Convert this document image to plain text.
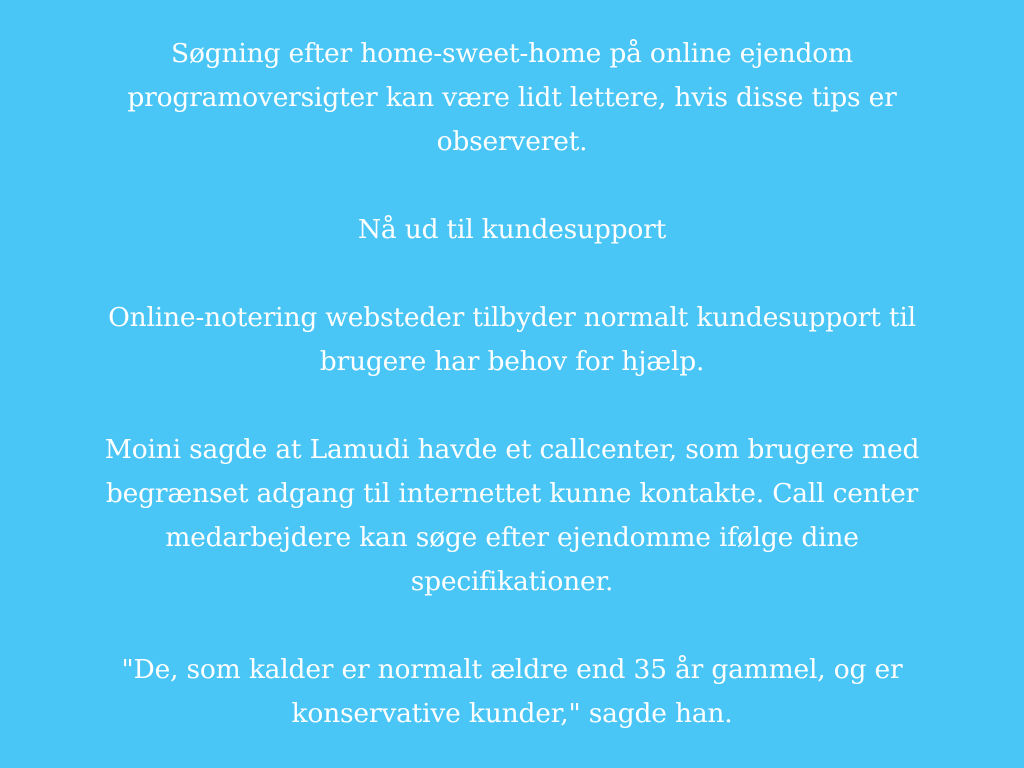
Søgning efter home-sweet-home på online ejendom
programoversigter kan være lidt lettere, hvis disse tips er
observeret.

Nå ud til kundesupport

Online-notering websteder tilbyder normalt kundesupport til
brugere har behov for hjælp.

Moini sagde at Lamudi havde et callcenter, som brugere med
begrænset adgang til internettet kunne kontakte. Call center
medarbejdere kan søge efter ejendomme ifølge dine
specifikationer.

"De, som kalder er normalt ældre end 35 år gammel, og er
konservative kunder," sagde han.
